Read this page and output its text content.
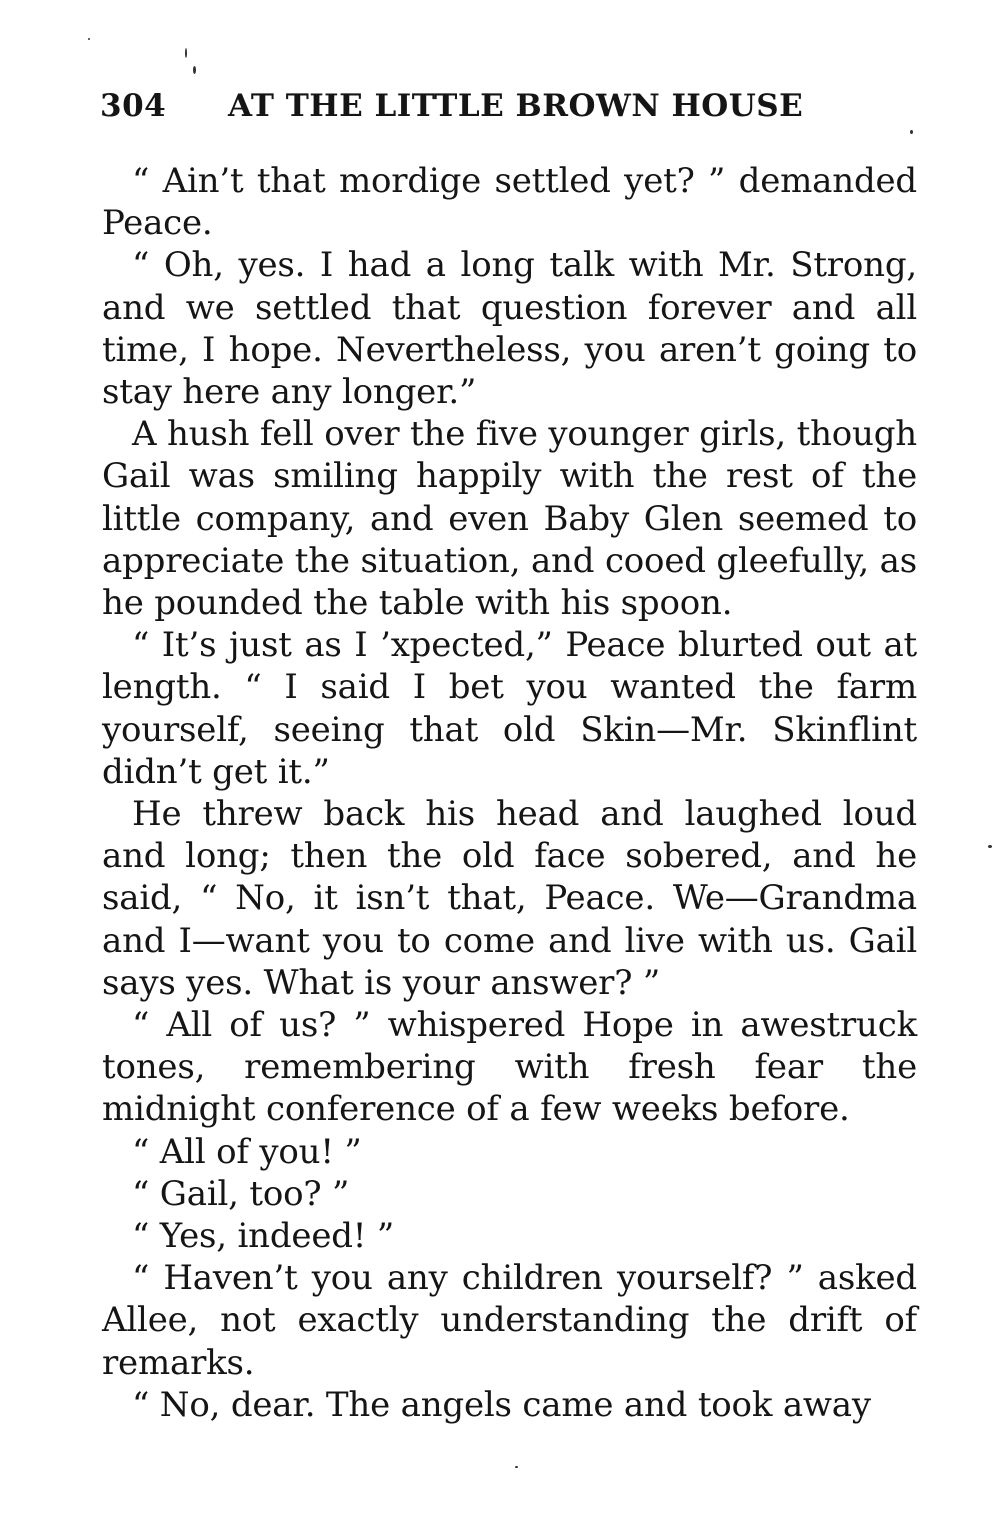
304 AT THE LITTLE BROWN HOUSE

“ Ain’t that mordige settled yet? ” demanded Peace.

“ Oh, yes. I had a long talk with Mr. Strong, and we settled that question forever and all time, I hope. Nevertheless, you aren’t going to stay here any longer.”

A hush fell over the five younger girls, though Gail was smiling happily with the rest of the little company, and even Baby Glen seemed to appreciate the situation, and cooed gleefully, as he pounded the table with his spoon.

“ It’s just as I ’xpected,” Peace blurted out at length. “ I said I bet you wanted the farm yourself, seeing that old Skin—Mr. Skinflint didn’t get it.”

He threw back his head and laughed loud and long; then the old face sobered, and he said, “ No, it isn’t that, Peace. We—Grandma and I—want you to come and live with us. Gail says yes. What is your answer? ”

“ All of us? ” whispered Hope in awestruck tones, remembering with fresh fear the midnight conference of a few weeks before.

“ All of you! ”

“ Gail, too? ”

“ Yes, indeed! ”

“ Haven’t you any children yourself? ” asked Allee, not exactly understanding the drift of remarks.

“ No, dear. The angels came and took away
